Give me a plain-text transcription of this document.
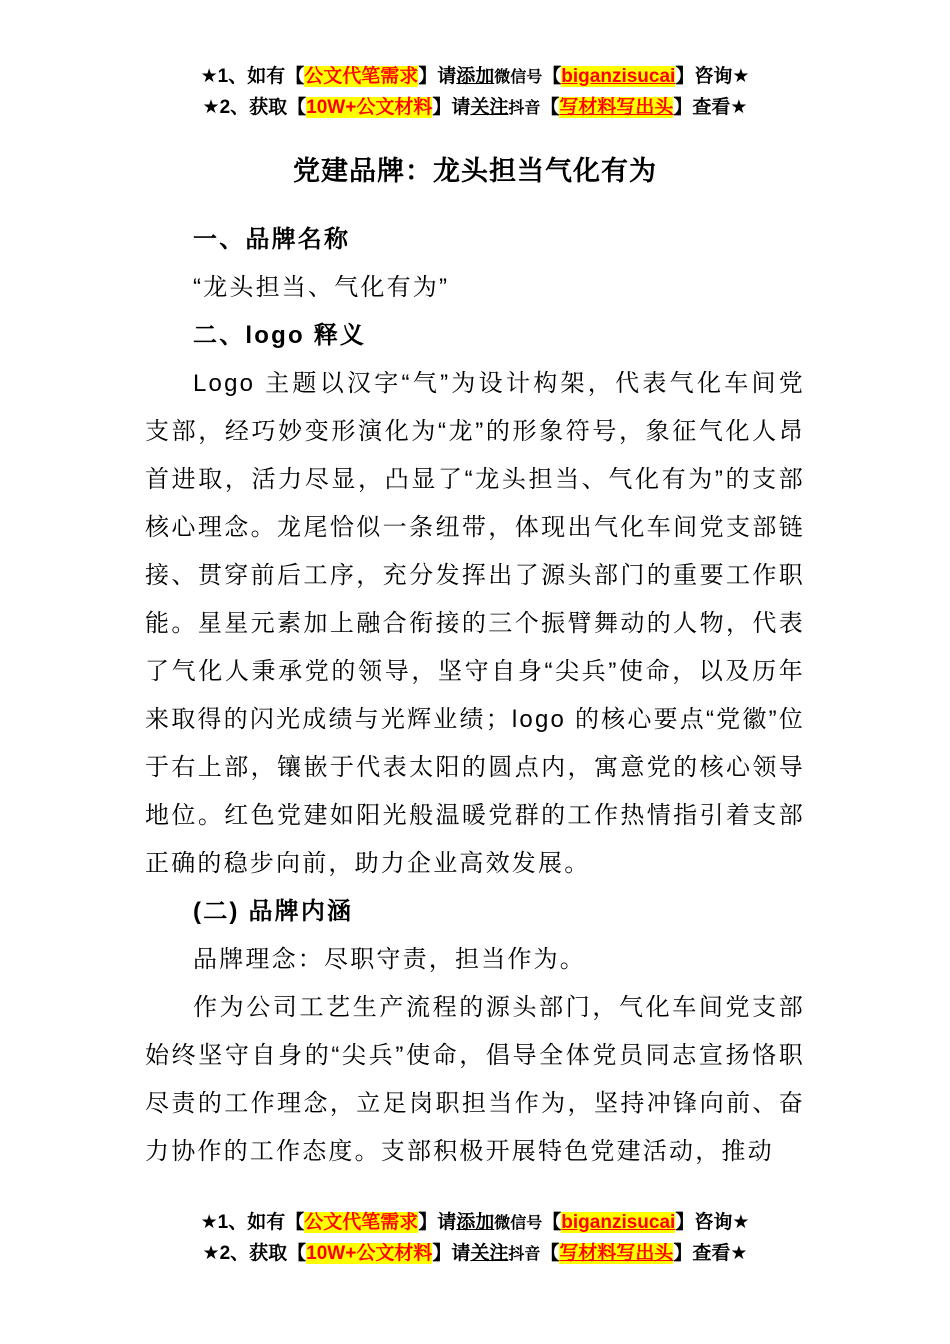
★1、如有【公文代笔需求】请添加微信号【biganzisucai】咨询★
★2、获取【10W+公文材料】请关注抖音【写材料写出头】查看★
党建品牌：龙头担当气化有为

一、品牌名称

“龙头担当、气化有为”

二、logo 释义

Logo 主题以汉字“气”为设计构架，代表气化车间党支部，经巧妙变形演化为“龙”的形象符号，象征气化人昂首进取，活力尽显，凸显了“龙头担当、气化有为”的支部核心理念。龙尾恰似一条纽带，体现出气化车间党支部链接、贯穿前后工序，充分发挥出了源头部门的重要工作职能。星星元素加上融合衔接的三个振臂舞动的人物，代表了气化人秉承党的领导，坚守自身“尖兵”使命，以及历年来取得的闪光成绩与光辉业绩；logo 的核心要点“党徽”位于右上部，镶嵌于代表太阳的圆点内，寓意党的核心领导地位。红色党建如阳光般温暖党群的工作热情指引着支部正确的稳步向前，助力企业高效发展。

(二) 品牌内涵

品牌理念：尽职守责，担当作为。

作为公司工艺生产流程的源头部门，气化车间党支部始终坚守自身的“尖兵”使命，倡导全体党员同志宣扬恪职尽责的工作理念，立足岗职担当作为，坚持冲锋向前、奋力协作的工作态度。支部积极开展特色党建活动，推动

★1、如有【公文代笔需求】请添加微信号【biganzisucai】咨询★
★2、获取【10W+公文材料】请关注抖音【写材料写出头】查看★
